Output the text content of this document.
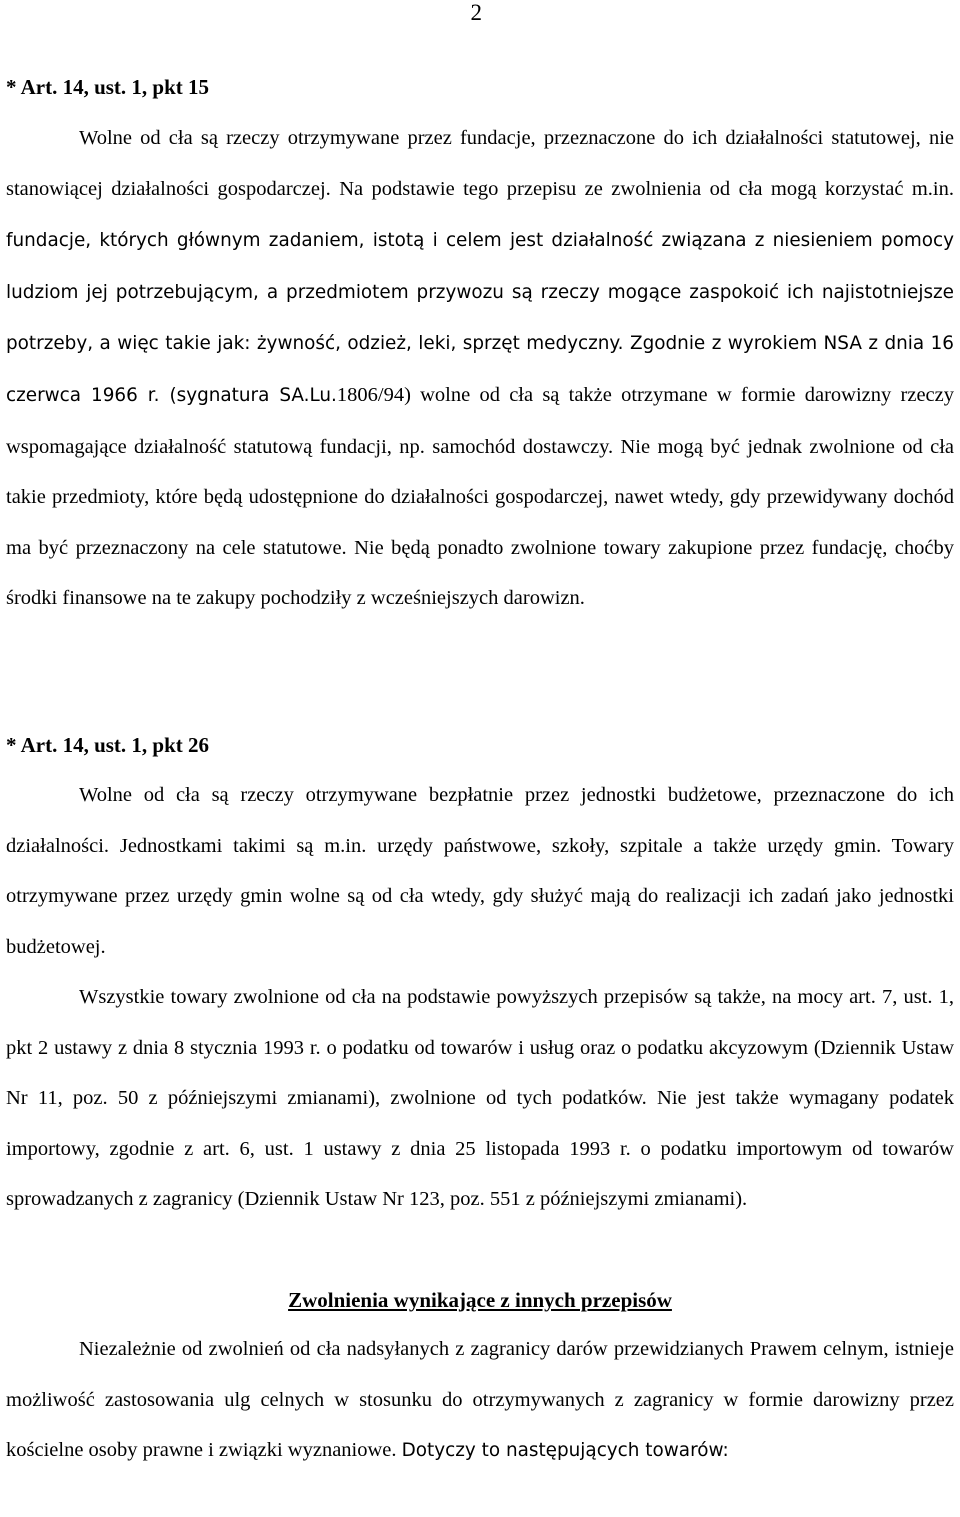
2

* Art. 14, ust. 1, pkt 15

Wolne od cła są rzeczy otrzymywane przez fundacje, przeznaczone do ich działalności statutowej, nie stanowiącej działalności gospodarczej. Na podstawie tego przepisu ze zwolnienia od cła mogą korzystać m.in. fundacje, których głównym zadaniem, istotą i celem jest działalność związana z niesieniem pomocy ludziom jej potrzebującym, a przedmiotem przywozu są rzeczy mogące zaspokoić ich najistotniejsze potrzeby, a więc takie jak: żywność, odzież, leki, sprzęt medyczny. Zgodnie z wyrokiem NSA z dnia 16 czerwca 1966 r. (sygnatura SA.Lu.1806/94) wolne od cła są także otrzymane w formie darowizny rzeczy wspomagające działalność statutową fundacji, np. samochód dostawczy. Nie mogą być jednak zwolnione od cła takie przedmioty, które będą udostępnione do działalności gospodarczej, nawet wtedy, gdy przewidywany dochód ma być przeznaczony na cele statutowe. Nie będą ponadto zwolnione towary zakupione przez fundację, choćby środki finansowe na te zakupy pochodziły z wcześniejszych darowizn.

* Art. 14, ust. 1, pkt 26

Wolne od cła są rzeczy otrzymywane bezpłatnie przez jednostki budżetowe, przeznaczone do ich działalności. Jednostkami takimi są m.in. urzędy państwowe, szkoły, szpitale a także urzędy gmin. Towary otrzymywane przez urzędy gmin wolne są od cła wtedy, gdy służyć mają do realizacji ich zadań jako jednostki budżetowej.

Wszystkie towary zwolnione od cła na podstawie powyższych przepisów są także, na mocy art. 7, ust. 1, pkt 2 ustawy z dnia 8 stycznia 1993 r. o podatku od towarów i usług oraz o podatku akcyzowym (Dziennik Ustaw Nr 11, poz. 50 z późniejszymi zmianami), zwolnione od tych podatków. Nie jest także wymagany podatek importowy, zgodnie z art. 6, ust. 1 ustawy z dnia 25 listopada 1993 r. o podatku importowym od towarów sprowadzanych z zagranicy (Dziennik Ustaw Nr 123, poz. 551 z późniejszymi zmianami).

Zwolnienia wynikające z innych przepisów

Niezależnie od zwolnień od cła nadsyłanych z zagranicy darów przewidzianych Prawem celnym, istnieje możliwość zastosowania ulg celnych w stosunku do otrzymywanych z zagranicy w formie darowizny przez kościelne osoby prawne i związki wyznaniowe. Dotyczy to następujących towarów:
